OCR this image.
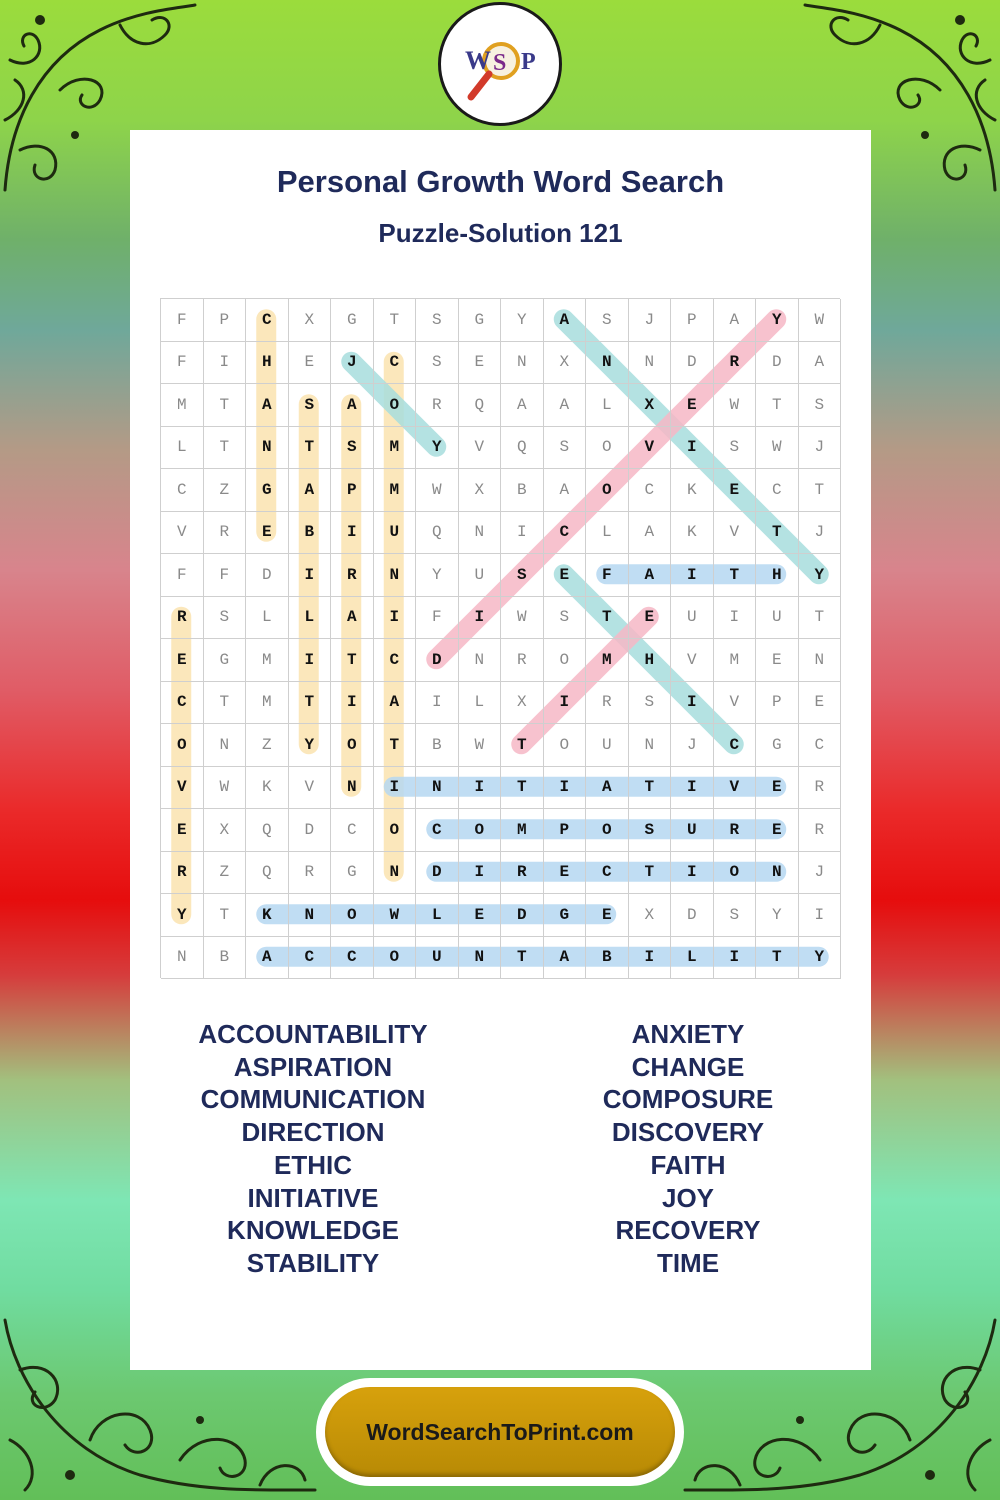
W S P
Personal Growth Word Search
Puzzle-Solution 121
F	P	C	X	G	T	S	G	Y	A	S	J	P	A	Y	W
F	I	H	E	J	C	S	E	N	X	N	N	D	R	D	A
M	T	A	S	A	O	R	Q	A	A	L	X	E	W	T	S
L	T	N	T	S	M	Y	V	Q	S	O	V	I	S	W	J
C	Z	G	A	P	M	W	X	B	A	O	C	K	E	C	T
V	R	E	B	I	U	Q	N	I	C	L	A	K	V	T	J
F	F	D	I	R	N	Y	U	S	E	F	A	I	T	H	Y
R	S	L	L	A	I	F	I	W	S	T	E	U	I	U	T
E	G	M	I	T	C	D	N	R	O	M	H	V	M	E	N
C	T	M	T	I	A	I	L	X	I	R	S	I	V	P	E
O	N	Z	Y	O	T	B	W	T	O	U	N	J	C	G	C
V	W	K	V	N	I	N	I	T	I	A	T	I	V	E	R
E	X	Q	D	C	O	C	O	M	P	O	S	U	R	E	R
R	Z	Q	R	G	N	D	I	R	E	C	T	I	O	N	J
Y	T	K	N	O	W	L	E	D	G	E	X	D	S	Y	I
N	B	A	C	C	O	U	N	T	A	B	I	L	I	T	Y
ACCOUNTABILITY
ASPIRATION
COMMUNICATION
DIRECTION
ETHIC
INITIATIVE
KNOWLEDGE
STABILITY
ANXIETY
CHANGE
COMPOSURE
DISCOVERY
FAITH
JOY
RECOVERY
TIME
WordSearchToPrint.com
